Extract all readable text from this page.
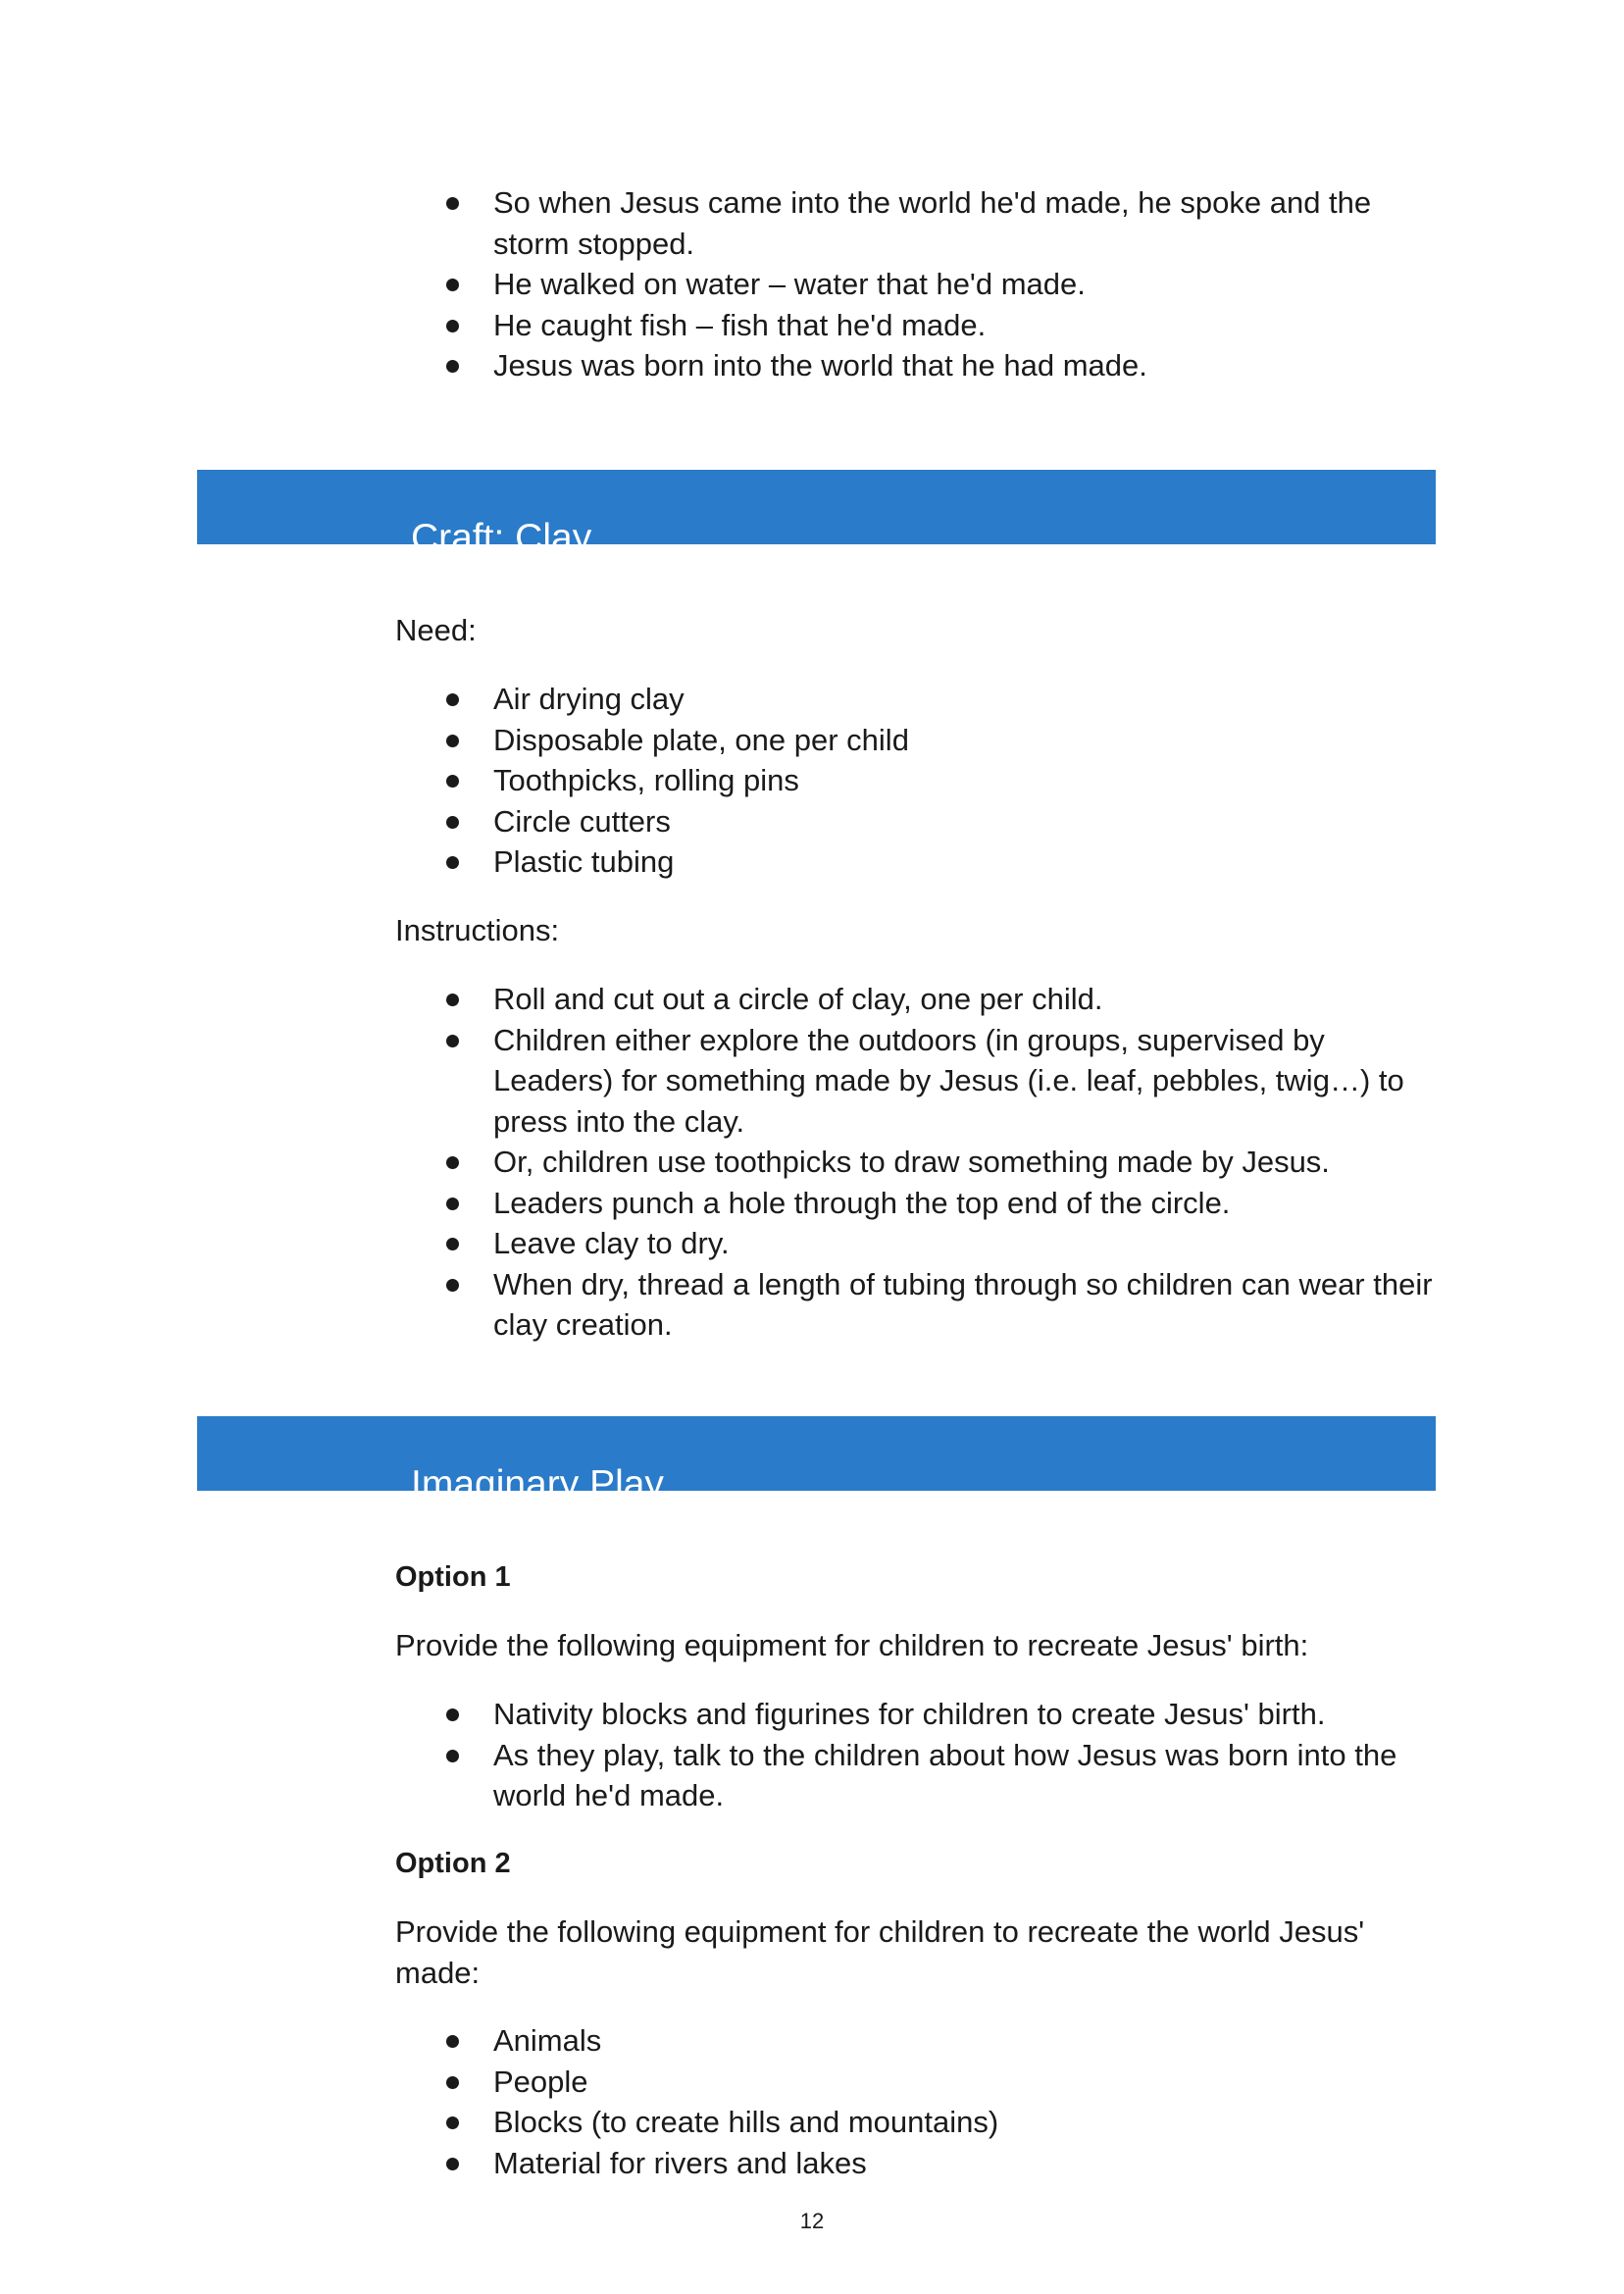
So when Jesus came into the world he'd made, he spoke and the storm stopped.
He walked on water – water that he'd made.
He caught fish – fish that he'd made.
Jesus was born into the world that he had made.
Craft: Clay

Need:

Air drying clay
Disposable plate, one per child
Toothpicks, rolling pins
Circle cutters
Plastic tubing

Instructions:

Roll and cut out a circle of clay, one per child.
Children either explore the outdoors (in groups, supervised by Leaders) for something made by Jesus (i.e. leaf, pebbles, twig…) to press into the clay.
Or, children use toothpicks to draw something made by Jesus.
Leaders punch a hole through the top end of the circle.
Leave clay to dry.
When dry, thread a length of tubing through so children can wear their clay creation.
Imaginary Play
Option 1

Provide the following equipment for children to recreate Jesus' birth:

Nativity blocks and figurines for children to create Jesus' birth.
As they play, talk to the children about how Jesus was born into the world he'd made.
Option 2

Provide the following equipment for children to recreate the world Jesus' made:

Animals
People
Blocks (to create hills and mountains)
Material for rivers and lakes
12
